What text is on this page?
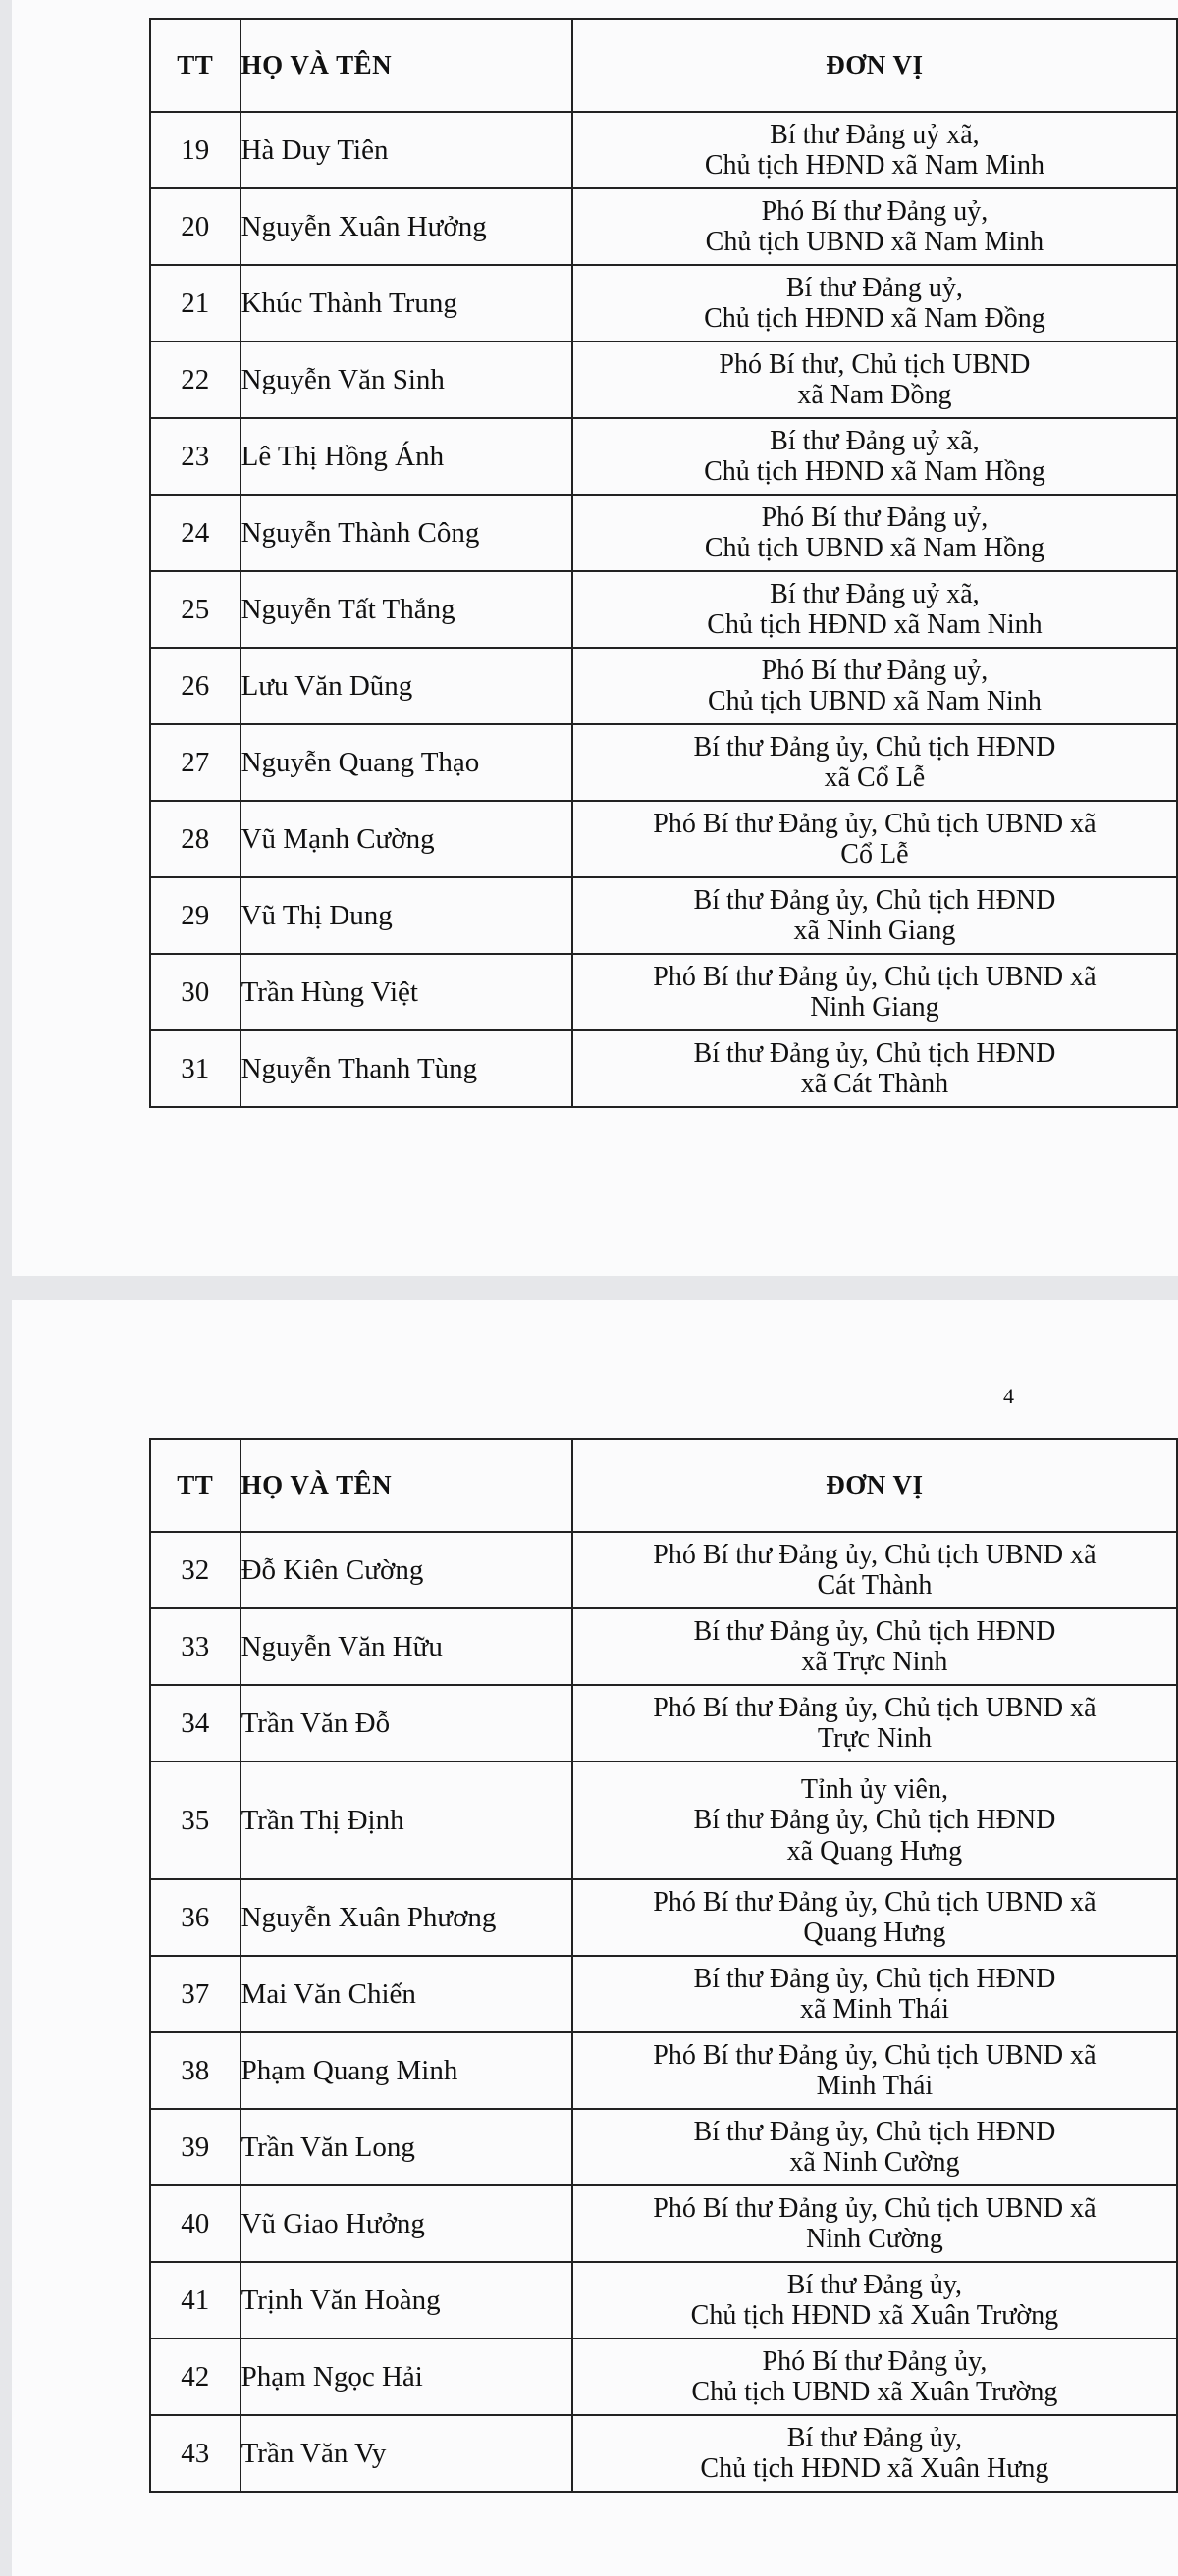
TT	HỌ VÀ TÊN	ĐƠN VỊ
19	Hà Duy Tiên	Bí thư Đảng uỷ xã,
Chủ tịch HĐND xã Nam Minh

20	Nguyễn Xuân Hưởng	Phó Bí thư Đảng uỷ,
Chủ tịch UBND xã Nam Minh

21	Khúc Thành Trung	Bí thư Đảng uỷ,
Chủ tịch HĐND xã Nam Đồng

22	Nguyễn Văn Sinh	Phó Bí thư, Chủ tịch UBND
xã Nam Đồng

23	Lê Thị Hồng Ánh	Bí thư Đảng uỷ xã,
Chủ tịch HĐND xã Nam Hồng

24	Nguyễn Thành Công	Phó Bí thư Đảng uỷ,
Chủ tịch UBND xã Nam Hồng

25	Nguyễn Tất Thắng	Bí thư Đảng uỷ xã,
Chủ tịch HĐND xã Nam Ninh

26	Lưu Văn Dũng	Phó Bí thư Đảng uỷ,
Chủ tịch UBND xã Nam Ninh

27	Nguyễn Quang Thạo	Bí thư Đảng ủy, Chủ tịch HĐND
xã Cổ Lễ

28	Vũ Mạnh Cường	Phó Bí thư Đảng ủy, Chủ tịch UBND xã
Cổ Lễ

29	Vũ Thị Dung	Bí thư Đảng ủy, Chủ tịch HĐND
xã Ninh Giang

30	Trần Hùng Việt	Phó Bí thư Đảng ủy, Chủ tịch UBND xã
Ninh Giang

31	Nguyễn Thanh Tùng	Bí thư Đảng ủy, Chủ tịch HĐND
xã Cát Thành
4
TT	HỌ VÀ TÊN	ĐƠN VỊ
32	Đỗ Kiên Cường	Phó Bí thư Đảng ủy, Chủ tịch UBND xã
Cát Thành

33	Nguyễn Văn Hữu	Bí thư Đảng ủy, Chủ tịch HĐND
xã Trực Ninh

34	Trần Văn Đỗ	Phó Bí thư Đảng ủy, Chủ tịch UBND xã
Trực Ninh

35	Trần Thị Định	Tỉnh ủy viên,
Bí thư Đảng ủy, Chủ tịch HĐND
xã Quang Hưng

36	Nguyễn Xuân Phương	Phó Bí thư Đảng ủy, Chủ tịch UBND xã
Quang Hưng

37	Mai Văn Chiến	Bí thư Đảng ủy, Chủ tịch HĐND
xã Minh Thái

38	Phạm Quang Minh	Phó Bí thư Đảng ủy, Chủ tịch UBND xã
Minh Thái

39	Trần Văn Long	Bí thư Đảng ủy, Chủ tịch HĐND
xã Ninh Cường

40	Vũ Giao Hưởng	Phó Bí thư Đảng ủy, Chủ tịch UBND xã
Ninh Cường

41	Trịnh Văn Hoàng	Bí thư Đảng ủy,
Chủ tịch HĐND xã Xuân Trường

42	Phạm Ngọc Hải	Phó Bí thư Đảng ủy,
Chủ tịch UBND xã Xuân Trường

43	Trần Văn Vy	Bí thư Đảng ủy,
Chủ tịch HĐND xã Xuân Hưng
